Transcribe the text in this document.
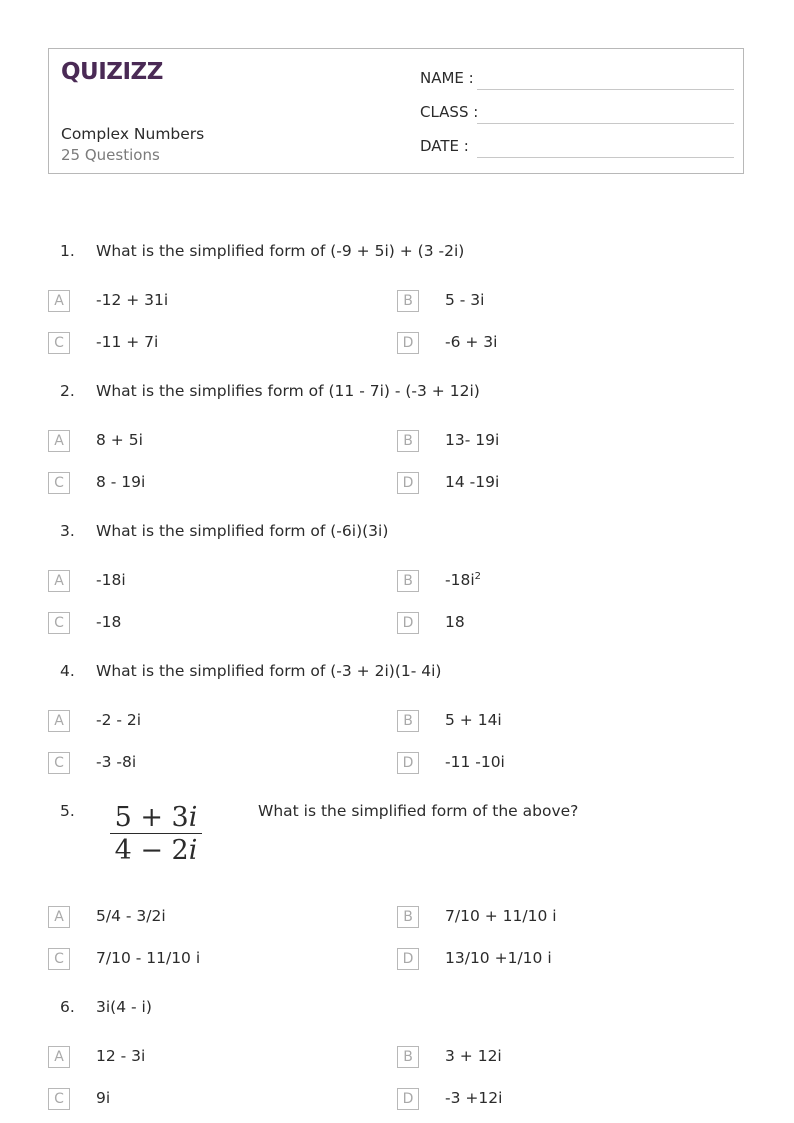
QUIZIZZ
Complex Numbers
25 Questions
NAME :
CLASS :
DATE :
1. What is the simplified form of (-9 + 5i) + (3 -2i)
A	-12 + 31i	B	5 - 3i
C	-11 + 7i	D	-6 + 3i
2. What is the simplifies form of (11 - 7i) - (-3 + 12i)
A	8 + 5i	B	13- 19i
C	8 - 19i	D	14 -19i
3. What is the simplified form of (-6i)(3i)
A	-18i	B	$-18i^2$
C	-18	D	18
4. What is the simplified form of (-3 + 2i)(1- 4i)
A	-2 - 2i	B	5 + 14i
C	-3 -8i	D	-11 -10i
5.	What is the simplified form of the above?
$\frac{5 + 3i}{4 - 2i}$
A	5/4 - 3/2i	B	7/10 + 11/10 i
C	7/10 - 11/10 i	D	13/10 +1/10 i
6. 3i(4 - i)
A	12 - 3i	B	3 + 12i
C	9i	D	-3 +12i
